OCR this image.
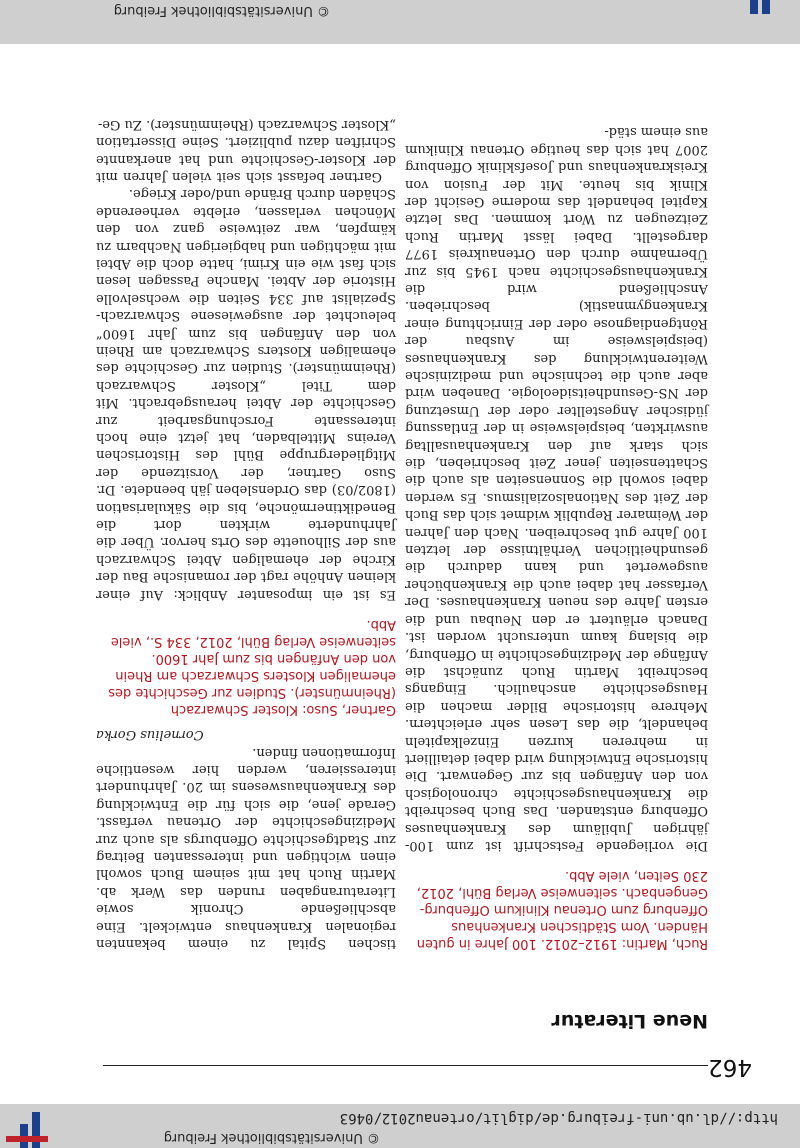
http://dl.ub.uni-freiburg.de/diglit/ortenau2012/0463
© Universitätsbibliothek Freiburg
462
Neue Literatur
Ruch, Martin: 1912–2012. 100 Jahre in guten Händen. Vom Städtischen Krankenhaus Offenburg zum Ortenau Klinikum Offenburg-Gengenbach. seitenweise Verlag Bühl, 2012, 230 Seiten, viele Abb.

Die vorliegende Festschrift ist zum 100-jährigen Jubiläum des Krankenhauses Offenburg entstanden. Das Buch beschreibt die Krankenhausgeschichte chronologisch von den Anfängen bis zur Gegenwart. Die historische Entwicklung wird dabei detailliert in mehreren kurzen Einzelkapiteln behandelt, die das Lesen sehr erleichtern. Mehrere historische Bilder machen die Hausgeschichte anschaulich. Eingangs beschreibt Martin Ruch zunächst die Anfänge der Medizingeschichte in Offenburg, die bislang kaum untersucht worden ist. Danach erläutert er den Neubau und die ersten Jahre des neuen Krankenhauses. Der Verfasser hat dabei auch die Krankenbücher ausgewertet und kann dadurch die gesundheitlichen Verhältnisse der letzten 100 Jahre gut beschreiben. Nach den Jahren der Weimarer Republik widmet sich das Buch der Zeit des Nationalsozialismus. Es werden dabei sowohl die Sonnenseiten als auch die Schattenseiten jener Zeit beschrieben, die sich stark auf den Krankenhausalltag auswirkten, beispielsweise in der Entlassung jüdischer Angestellter oder der Umsetzung der NS-Gesundheitsideologie. Daneben wird aber auch die technische und medizinische Weiterentwicklung des Krankenhauses (beispielsweise im Ausbau der Röntgendiagnose oder der Einrichtung einer Krankengymnastik) beschrieben. Anschließend wird die Krankenhausgeschichte nach 1945 bis zur Übernahme durch den Ortenaukreis 1977 dargestellt. Dabei lässt Martin Ruch Zeitzeugen zu Wort kommen. Das letzte Kapitel behandelt das moderne Gesicht der Klinik bis heute. Mit der Fusion von Kreiskrankenhaus und Josefsklinik Offenburg 2007 hat sich das heutige Ortenau Klinikum aus einem städ-

tischen Spital zu einem bekannten regionalen Krankenhaus entwickelt. Eine abschließende Chronik sowie Literaturangaben runden das Werk ab. Martin Ruch hat mit seinem Buch sowohl einen wichtigen und interessanten Beitrag zur Stadtgeschichte Offenburgs als auch zur Medizingeschichte der Ortenau verfasst. Gerade jene, die sich für die Entwicklung des Krankenhauswesens im 20. Jahrhundert interessieren, werden hier wesentliche Informationen finden.

Cornelius Gorka
Gartner, Suso: Kloster Schwarzach (Rheinmünster). Studien zur Geschichte des ehemaligen Klosters Schwarzach am Rhein von den Anfängen bis zum Jahr 1600. seitenweise Verlag Bühl, 2012, 334 S., viele Abb.

Es ist ein imposanter Anblick: Auf einer kleinen Anhöhe ragt der romanische Bau der Kirche der ehemaligen Abtei Schwarzach aus der Silhouette des Orts hervor. Über die Jahrhunderte wirkten dort die Benediktinermönche, bis die Säkularisation (1802/03) das Ordensleben jäh beendete. Dr. Suso Gartner, der Vorsitzende der Mitgliedergruppe Bühl des Historischen Vereins Mittelbaden, hat jetzt eine hoch interessante Forschungsarbeit zur Geschichte der Abtei herausgebracht. Mit dem Titel „Kloster Schwarzach (Rheinmünster). Studien zur Geschichte des ehemaligen Klosters Schwarzach am Rhein von den Anfängen bis zum Jahr 1600“ beleuchtet der ausgewiesene Schwarzach-Spezialist auf 334 Seiten die wechselvolle Historie der Abtei. Manche Passagen lesen sich fast wie ein Krimi, hatte doch die Abtei mit mächtigen und habgierigen Nachbarn zu kämpfen, war zeitweise ganz von den Mönchen verlassen, erlebte verheerende Schäden durch Brände und/oder Kriege.

Gartner befasst sich seit vielen Jahren mit der Kloster-Geschichte und hat anerkannte Schriften dazu publiziert. Seine Dissertation „Kloster Schwarzach (Rheinmünster). Zu Ge-

© Universitätsbibliothek Freiburg
